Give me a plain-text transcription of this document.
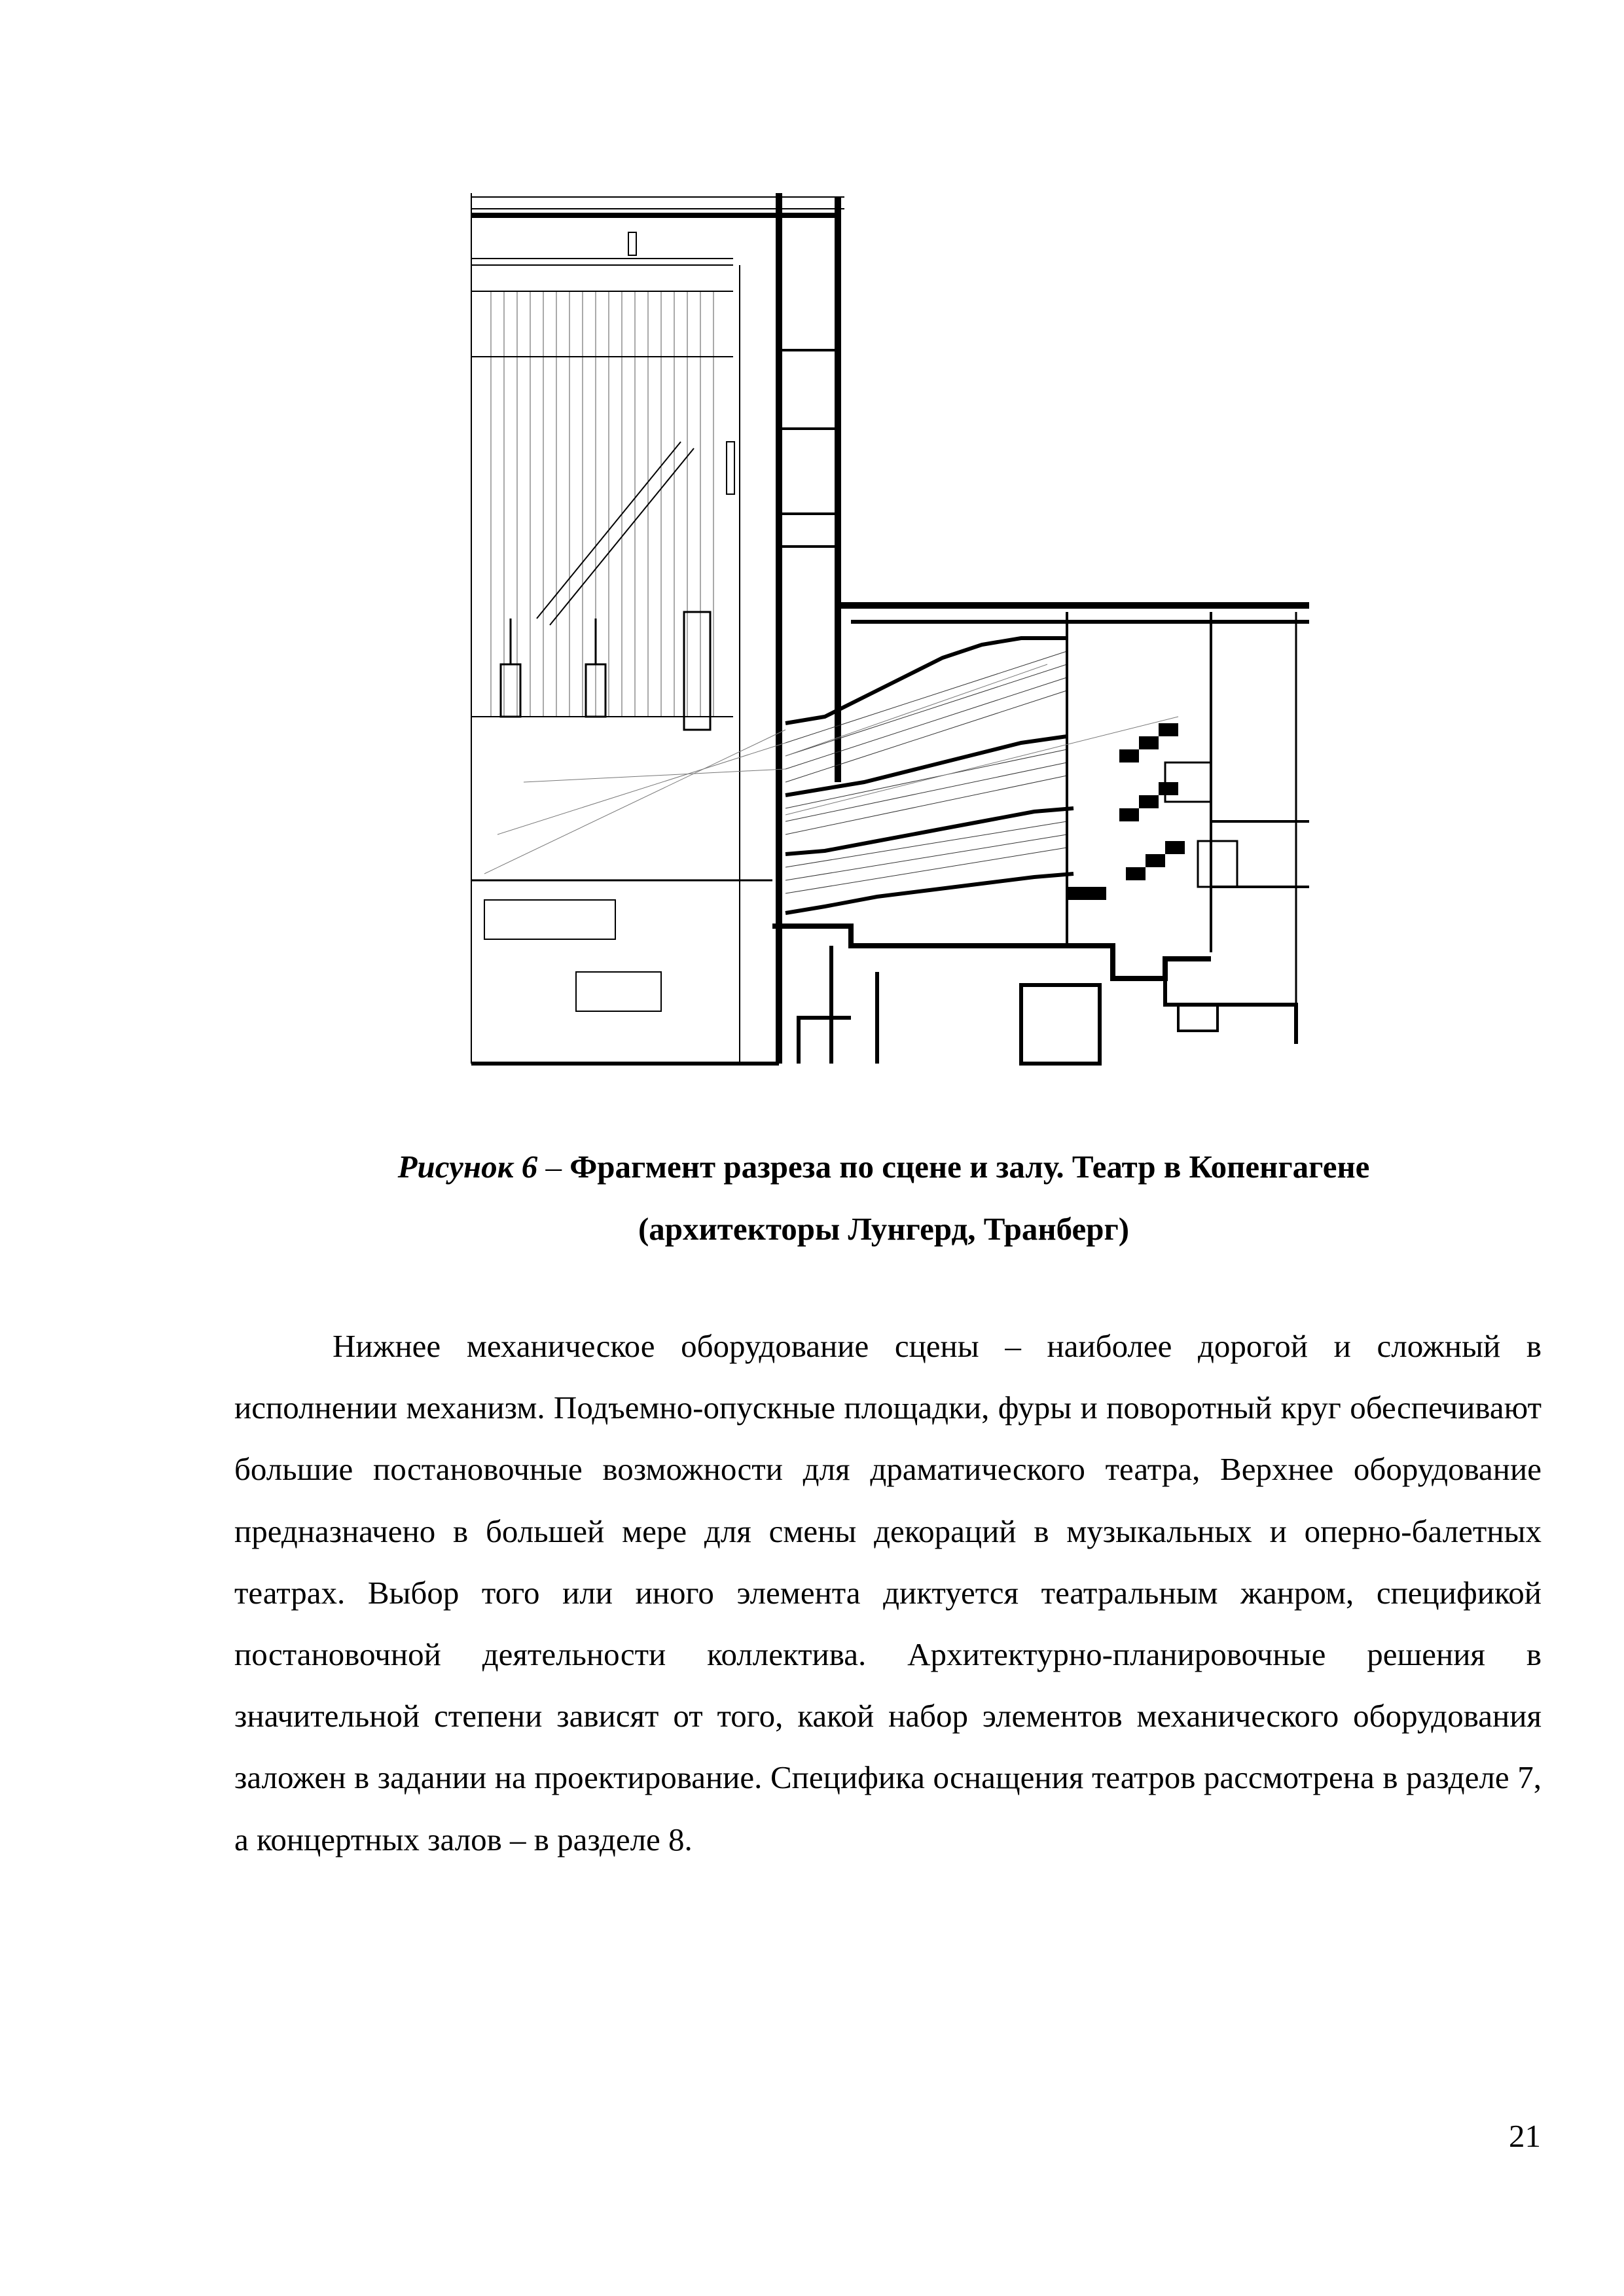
Рисунок 6 – Фрагмент разреза по сцене и залу. Театр в Копенгагене
(архитекторы Лунгерд, Транберг)

Нижнее механическое оборудование сцены – наиболее дорогой и сложный в исполнении механизм. Подъемно-опускные площадки, фуры и поворотный круг обеспечивают большие постановочные возможности для драматического театра, Верхнее оборудование предназначено в большей мере для смены декораций в музыкальных и оперно-балетных театрах. Выбор того или иного элемента диктуется театральным жанром, спецификой постановочной деятельности коллектива. Архитектурно-планировочные решения в значительной степени зависят от того, какой набор элементов механического оборудования заложен в задании на проектирование. Специфика оснащения театров рассмотрена в разделе 7, а концертных залов – в разделе 8.

21
